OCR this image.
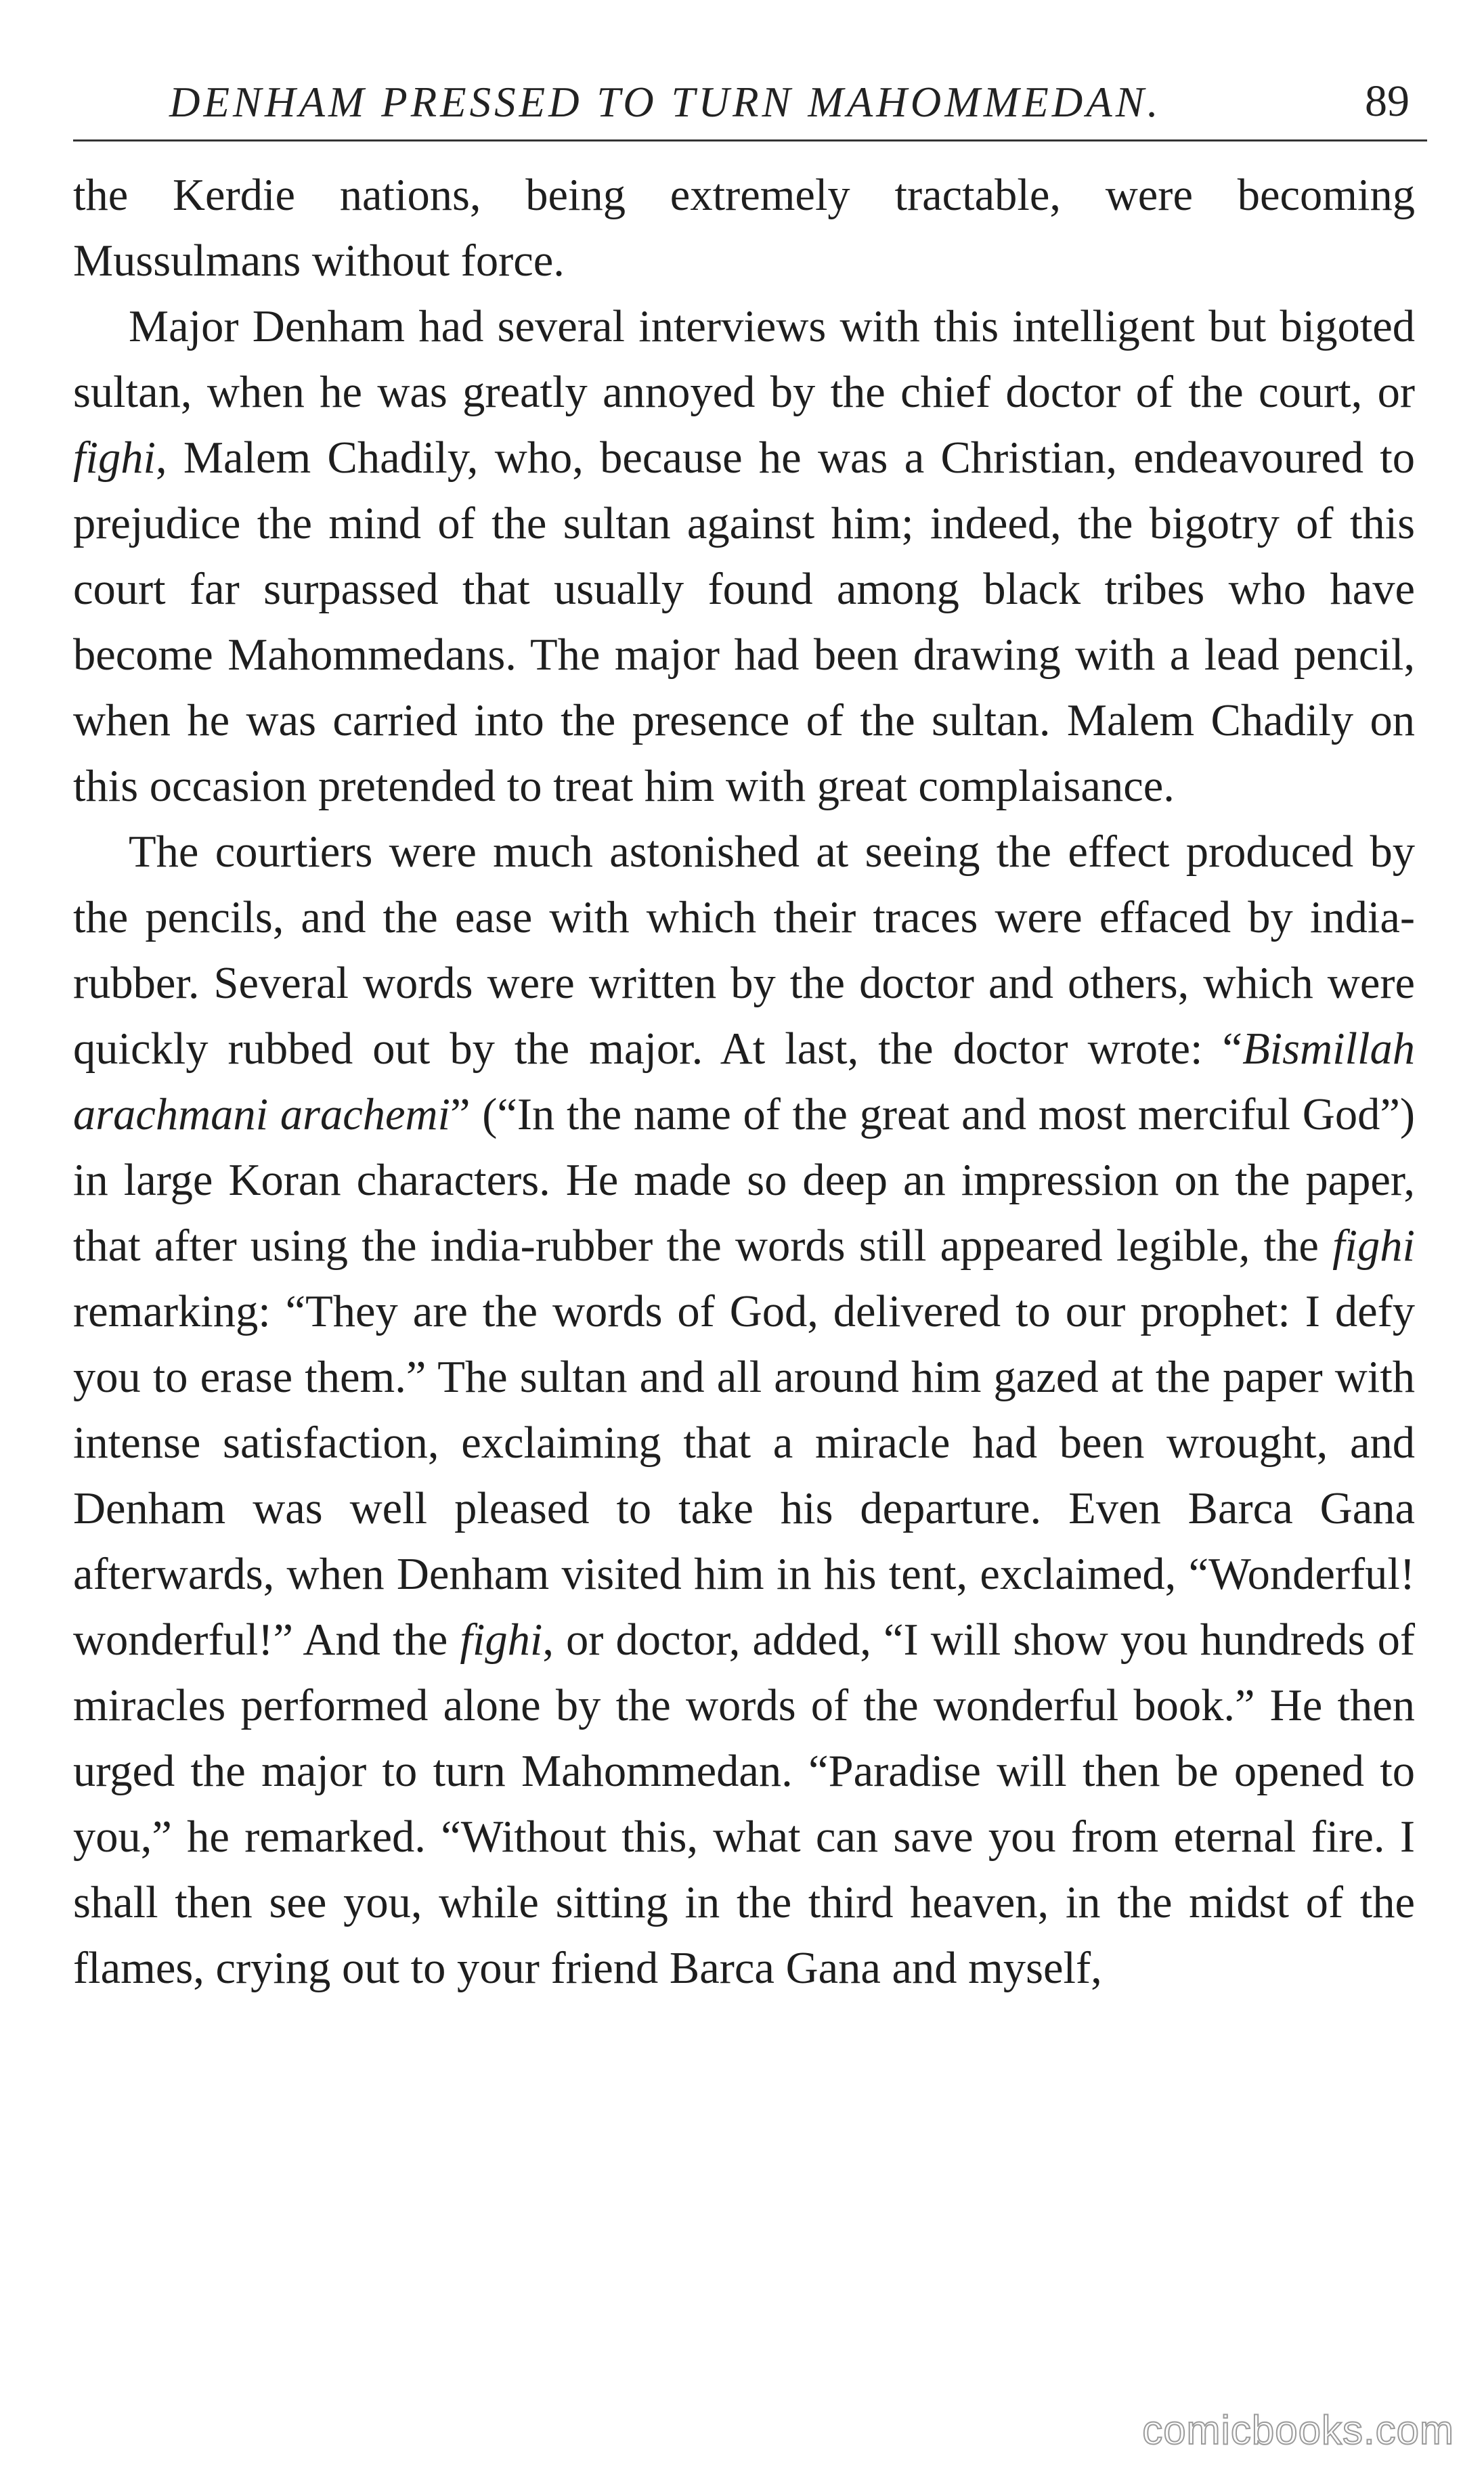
DENHAM PRESSED TO TURN MAHOMMEDAN.	89

the Kerdie nations, being extremely tractable, were becoming Mussulmans without force.

Major Denham had several interviews with this intelligent but bigoted sultan, when he was greatly annoyed by the chief doctor of the court, or fighi, Malem Chadily, who, because he was a Christian, endeavoured to prejudice the mind of the sultan against him; indeed, the bigotry of this court far surpassed that usually found among black tribes who have become Mahommedans. The major had been drawing with a lead pencil, when he was carried into the presence of the sultan. Malem Chadily on this occasion pretended to treat him with great complaisance.

The courtiers were much astonished at seeing the effect produced by the pencils, and the ease with which their traces were effaced by india-rubber. Several words were written by the doctor and others, which were quickly rubbed out by the major. At last, the doctor wrote: “Bismillah arachmani arachemi” (“In the name of the great and most merciful God”) in large Koran characters. He made so deep an impression on the paper, that after using the india-rubber the words still appeared legible, the fighi remarking: “They are the words of God, delivered to our prophet: I defy you to erase them.” The sultan and all around him gazed at the paper with intense satisfaction, exclaiming that a miracle had been wrought, and Denham was well pleased to take his departure. Even Barca Gana afterwards, when Denham visited him in his tent, exclaimed, “Wonderful! wonderful!” And the fighi, or doctor, added, “I will show you hundreds of miracles performed alone by the words of the wonderful book.” He then urged the major to turn Mahommedan. “Paradise will then be opened to you,” he remarked. “Without this, what can save you from eternal fire. I shall then see you, while sitting in the third heaven, in the midst of the flames, crying out to your friend Barca Gana and myself,

comicbooks.com
